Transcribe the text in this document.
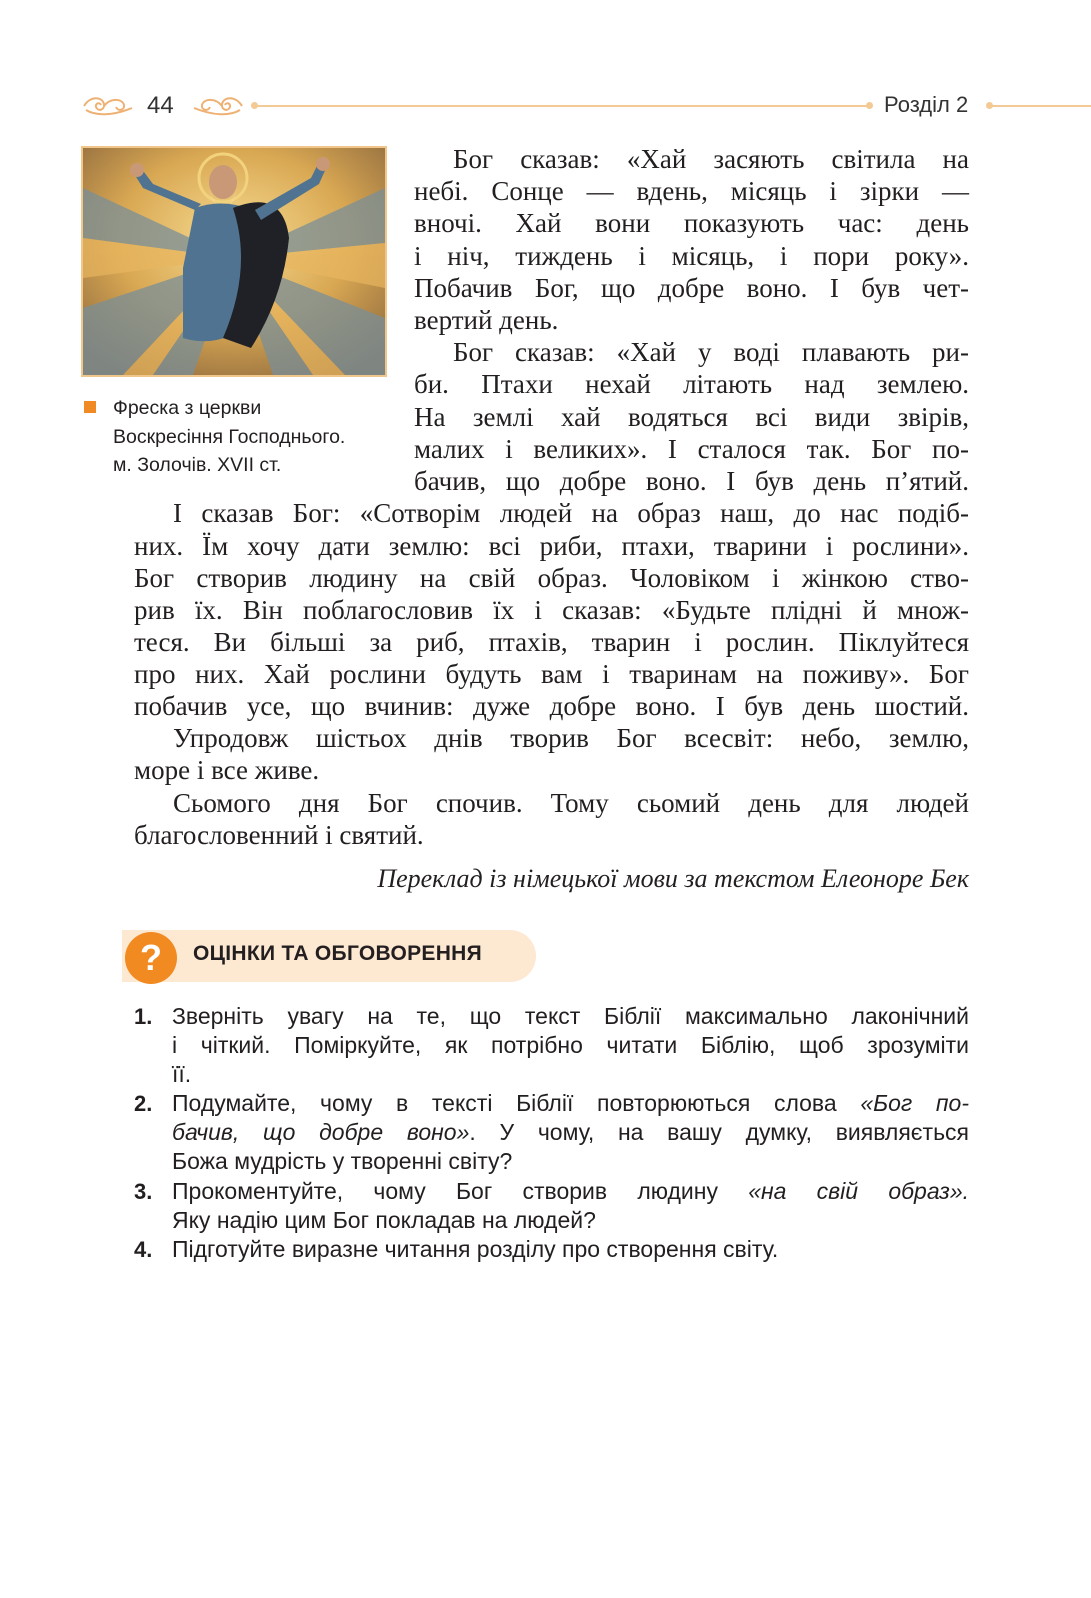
44	Розділ 2
Фреска з церкви
Воскресіння Господнього.
м. Золочів. XVII ст.
Бог сказав: «Хай засяють світила на
небі. Сонце — вдень, місяць і зірки —
вночі. Хай вони показують час: день
і ніч, тиждень і місяць, і пори року».
Побачив Бог, що добре воно. І був чет-
вертий день.
Бог сказав: «Хай у воді плавають ри-
би. Птахи нехай літають над землею.
На землі хай водяться всі види звірів,
малих і великих». І сталося так. Бог по-
бачив, що добре воно. І був день п’ятий.
І сказав Бог: «Сотворім людей на образ наш, до нас подіб-
них. Їм хочу дати землю: всі риби, птахи, тварини і рослини».
Бог створив людину на свій образ. Чоловіком і жінкою ство-
рив їх. Він поблагословив їх і сказав: «Будьте плідні й множ-
теся. Ви більші за риб, птахів, тварин і рослин. Піклуйтеся
про них. Хай рослини будуть вам і тваринам на поживу». Бог
побачив усе, що вчинив: дуже добре воно. І був день шостий.
Упродовж шістьох днів творив Бог всесвіт: небо, землю,
море і все живе.
Сьомого дня Бог спочив. Тому сьомий день для людей
благословенний і святий.
Переклад із німецької мови за текстом Елеоноре Бек
?	ОЦІНКИ ТА ОБГОВОРЕННЯ
1. Зверніть увагу на те, що текст Біблії максимально лаконічний
і чіткий. Поміркуйте, як потрібно читати Біблію, щоб зрозуміти
її.
2. Подумайте, чому в тексті Біблії повторюються слова «Бог по-
бачив, що добре воно». У чому, на вашу думку, виявляється
Божа мудрість у творенні світу?
3. Прокоментуйте, чому Бог створив людину «на свій образ».
Яку надію цим Бог покладав на людей?
4. Підготуйте виразне читання розділу про створення світу.
